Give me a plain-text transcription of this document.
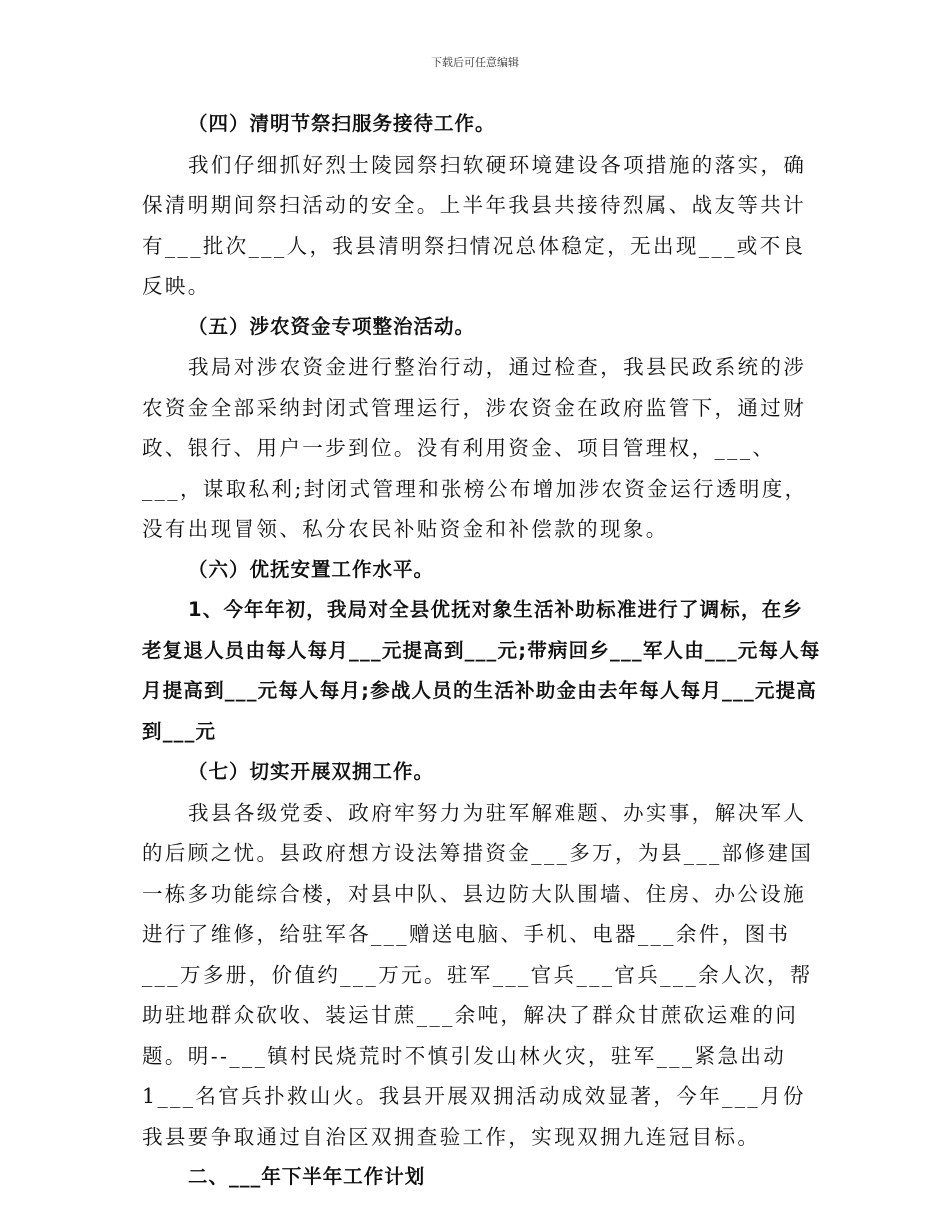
下载后可任意编辑

（四）清明节祭扫服务接待工作。

我们仔细抓好烈士陵园祭扫软硬环境建设各项措施的落实，确保清明期间祭扫活动的安全。上半年我县共接待烈属、战友等共计有___批次___人，我县清明祭扫情况总体稳定，无出现___或不良反映。

（五）涉农资金专项整治活动。

我局对涉农资金进行整治行动，通过检查，我县民政系统的涉农资金全部采纳封闭式管理运行，涉农资金在政府监管下，通过财政、银行、用户一步到位。没有利用资金、项目管理权，___、___，谋取私利;封闭式管理和张榜公布增加涉农资金运行透明度，没有出现冒领、私分农民补贴资金和补偿款的现象。

（六）优抚安置工作水平。

1、今年年初，我局对全县优抚对象生活补助标准进行了调标，在乡老复退人员由每人每月___元提高到___元;带病回乡___军人由___元每人每月提高到___元每人每月;参战人员的生活补助金由去年每人每月___元提高到___元

（七）切实开展双拥工作。

我县各级党委、政府牢努力为驻军解难题、办实事，解决军人的后顾之忧。县政府想方设法筹措资金___多万，为县___部修建国一栋多功能综合楼，对县中队、县边防大队围墙、住房、办公设施进行了维修，给驻军各___赠送电脑、手机、电器___余件，图书___万多册，价值约___万元。驻军___官兵___官兵___余人次，帮助驻地群众砍收、装运甘蔗___余吨，解决了群众甘蔗砍运难的问题。明--___镇村民烧荒时不慎引发山林火灾，驻军___紧急出动1___名官兵扑救山火。我县开展双拥活动成效显著，今年___月份我县要争取通过自治区双拥查验工作，实现双拥九连冠目标。

二、___年下半年工作计划
